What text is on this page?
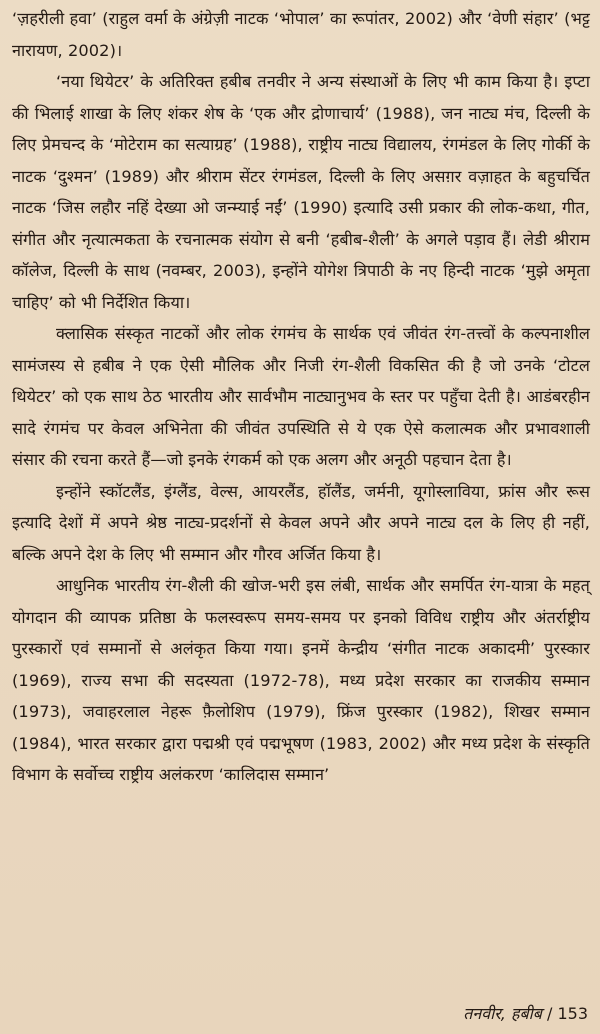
‘ज़हरीली हवा’ (राहुल वर्मा के अंग्रेज़ी नाटक ‘भोपाल’ का रूपांतर, 2002) और ‘वेणी संहार’ (भट्ट नारायण, 2002)।

‘नया थियेटर’ के अतिरिक्त हबीब तनवीर ने अन्य संस्थाओं के लिए भी काम किया है। इप्टा की भिलाई शाखा के लिए शंकर शेष के ‘एक और द्रोणाचार्य’ (1988), जन नाट्य मंच, दिल्ली के लिए प्रेमचन्द के ‘मोटेराम का सत्याग्रह’ (1988), राष्ट्रीय नाट्य विद्यालय, रंगमंडल के लिए गोर्की के नाटक ‘दुश्मन’ (1989) और श्रीराम सेंटर रंगमंडल, दिल्ली के लिए असग़र वज़ाहत के बहुचर्चित नाटक ‘जिस लहौर नहिं देख्या ओ जन्म्याई नईं’ (1990) इत्यादि उसी प्रकार की लोक-कथा, गीत, संगीत और नृत्यात्मकता के रचनात्मक संयोग से बनी ‘हबीब-शैली’ के अगले पड़ाव हैं। लेडी श्रीराम कॉलेज, दिल्ली के साथ (नवम्बर, 2003), इन्होंने योगेश त्रिपाठी के नए हिन्दी नाटक ‘मुझे अमृता चाहिए’ को भी निर्देशित किया।

क्लासिक संस्कृत नाटकों और लोक रंगमंच के सार्थक एवं जीवंत रंग-तत्त्वों के कल्पनाशील सामंजस्य से हबीब ने एक ऐसी मौलिक और निजी रंग-शैली विकसित की है जो उनके ‘टोटल थियेटर’ को एक साथ ठेठ भारतीय और सार्वभौम नाट्यानुभव के स्तर पर पहुँचा देती है। आडंबरहीन सादे रंगमंच पर केवल अभिनेता की जीवंत उपस्थिति से ये एक ऐसे कलात्मक और प्रभावशाली संसार की रचना करते हैं—जो इनके रंगकर्म को एक अलग और अनूठी पहचान देता है।

इन्होंने स्कॉटलैंड, इंग्लैंड, वेल्स, आयरलैंड, हॉलैंड, जर्मनी, यूगोस्लाविया, फ्रांस और रूस इत्यादि देशों में अपने श्रेष्ठ नाट्य-प्रदर्शनों से केवल अपने और अपने नाट्य दल के लिए ही नहीं, बल्कि अपने देश के लिए भी सम्मान और गौरव अर्जित किया है।

आधुनिक भारतीय रंग-शैली की खोज-भरी इस लंबी, सार्थक और समर्पित रंग-यात्रा के महत् योगदान की व्यापक प्रतिष्ठा के फलस्वरूप समय-समय पर इनको विविध राष्ट्रीय और अंतर्राष्ट्रीय पुरस्कारों एवं सम्मानों से अलंकृत किया गया। इनमें केन्द्रीय ‘संगीत नाटक अकादमी’ पुरस्कार (1969), राज्य सभा की सदस्यता (1972-78), मध्य प्रदेश सरकार का राजकीय सम्मान (1973), जवाहरलाल नेहरू फ़ैलोशिप (1979), फ्रिंज पुरस्कार (1982), शिखर सम्मान (1984), भारत सरकार द्वारा पद्मश्री एवं पद्मभूषण (1983, 2002) और मध्य प्रदेश के संस्कृति विभाग के सर्वोच्च राष्ट्रीय अलंकरण ‘कालिदास सम्मान’

तनवीर, हबीब / 153
